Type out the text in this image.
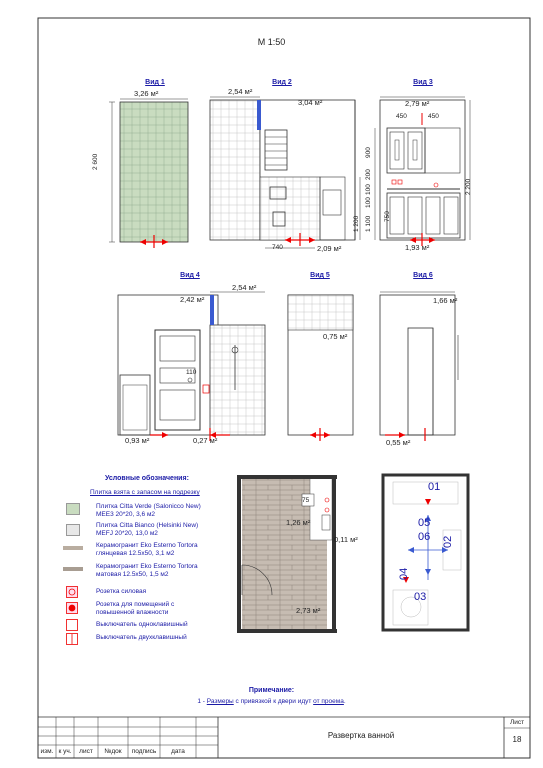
М 1:50
Вид 1
3,26 м²
2 600
Вид 2
2,54 м²
3,04 м²
2,09 м²
740
1 200
Вид 3
2,79 м²
1,93 м²
450	450
900
200
100
100
1 100 750
2 200
Вид 4
2,42 м²
2,54 м²
0,93 м²	0,27 м²
110
Вид 5
0,75 м²
Вид 6
1,66 м²
0,55 м²
Условные обозначения:
Плитка взята с запасом на подрезку
Плитка Citta Verde (Salonicco New)
MEE3 20*20, 3,6 м2
Плитка Citta Bianco (Helsinki New)
MEFJ 20*20, 13,0 м2
Керамогранит Eko Esterno Tortora
глянцевая 12.5х50, 3,1 м2
Керамогранит Eko Esterno Tortora
матовая 12.5х50, 1,5 м2
Розетка силовая
Розетка для помещений с
повышенной влажности
Выключатель одноклавишный
Выключатель двухклавишный
75
1,26 м²
0,11 м²
2,73 м²
01
05
06 02
04
03
Примечание:
1 - Размеры с привязкой к двери идут от проема.
изм. к уч.	лист	№док	подпись	дата
Развертка ванной
Лист
18
